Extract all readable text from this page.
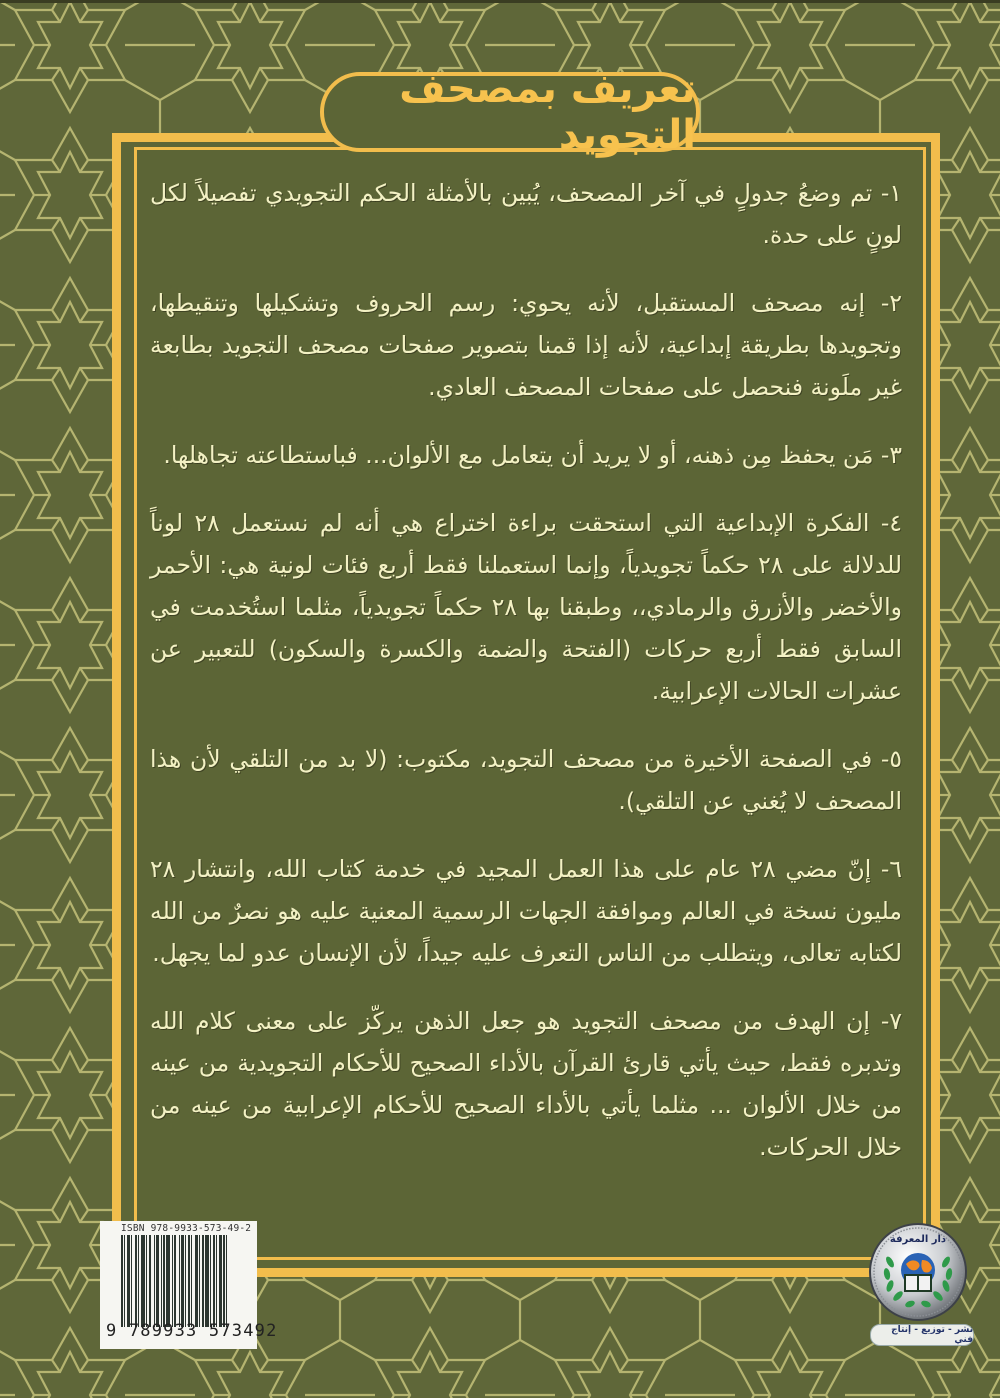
تعريف بمصحف التجويد

١- تم وضعُ جدولٍ في آخر المصحف، يُبين بالأمثلة الحكم التجويدي تفصيلاً لكل لونٍ على حدة.

٢- إنه مصحف المستقبل، لأنه يحوي: رسم الحروف وتشكيلها وتنقيطها، وتجويدها بطريقة إبداعية، لأنه إذا قمنا بتصوير صفحات مصحف التجويد بطابعة غير ملَونة فنحصل على صفحات المصحف العادي.

٣- مَن يحفظ مِن ذهنه، أو لا يريد أن يتعامل مع الألوان... فباستطاعته تجاهلها.

٤- الفكرة الإبداعية التي استحقت براءة اختراع هي أنه لم نستعمل ٢٨ لوناً للدلالة على ٢٨ حكماً تجويدياً، وإنما استعملنا فقط أربع فئات لونية هي: الأحمر والأخضر والأزرق والرمادي،، وطبقنا بها ٢٨ حكماً تجويدياً، مثلما استُخدمت في السابق فقط أربع حركات (الفتحة والضمة والكسرة والسكون) للتعبير عن عشرات الحالات الإعرابية.

٥- في الصفحة الأخيرة من مصحف التجويد، مكتوب: (لا بد من التلقي لأن هذا المصحف لا يُغني عن التلقي).

٦- إنّ مضي ٢٨ عام على هذا العمل المجيد في خدمة كتاب الله، وانتشار ٢٨ مليون نسخة في العالم وموافقة الجهات الرسمية المعنية عليه هو نصرٌ من الله لكتابه تعالى، ويتطلب من الناس التعرف عليه جيداً، لأن الإنسان عدو لما يجهل.

٧- إن الهدف من مصحف التجويد هو جعل الذهن يركّز على معنى كلام الله وتدبره فقط، حيث يأتي قارئ القرآن بالأداء الصحيح للأحكام التجويدية من عينه من خلال الألوان ... مثلما يأتي بالأداء الصحيح للأحكام الإعرابية من عينه من خلال الحركات.

ISBN 978-9933-573-49-2
9 789933 573492
دار المعرفة
نشر - توزيع - إنتاج فني
